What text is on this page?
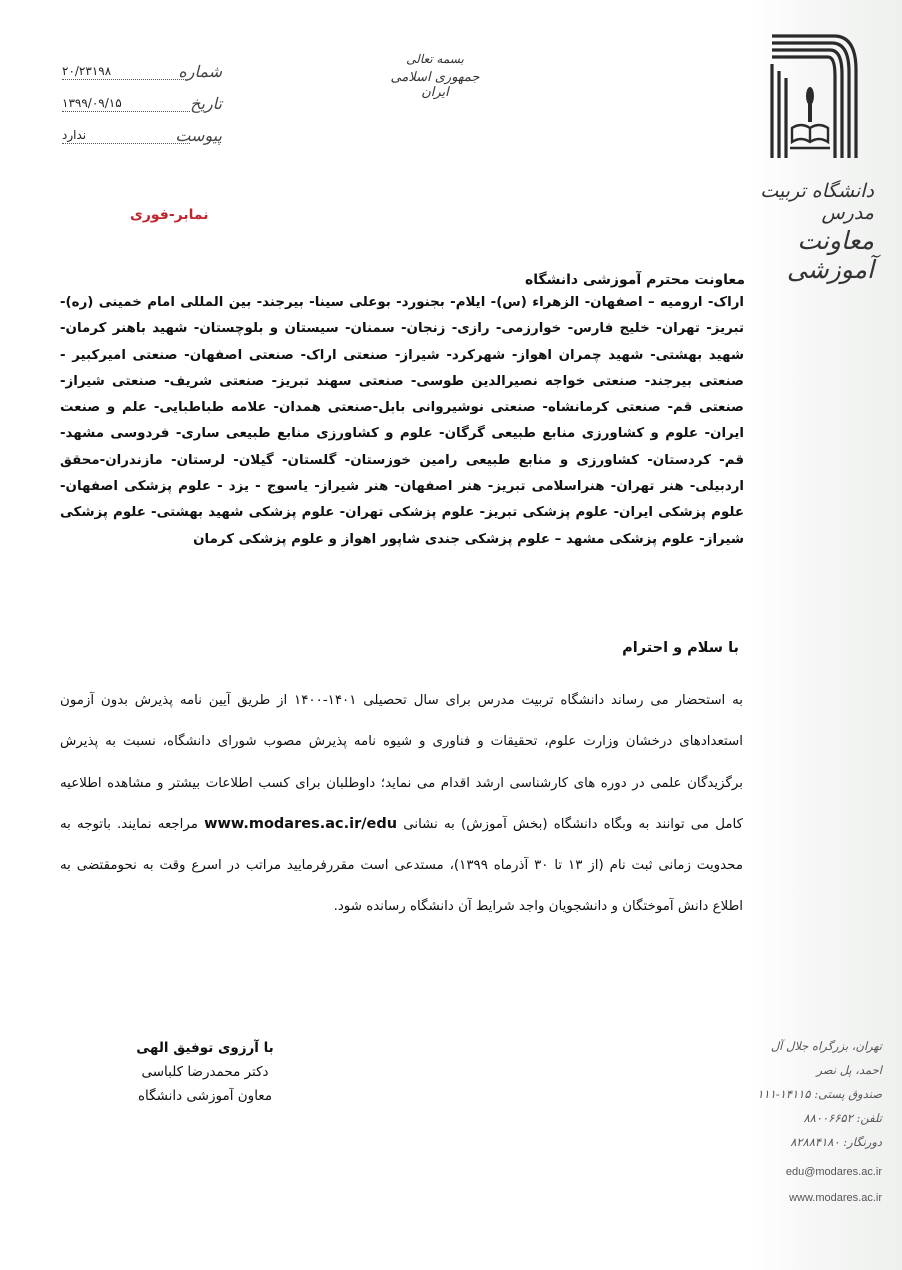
دانشگاه تربیت مدرس
معاونت آموزشی
بسمه تعالی
جمهوری اسلامی ایران
شماره
۲۰/۲۳۱۹۸
تاریخ
۱۳۹۹/۰۹/۱۵
پیوست
ندارد
نمابر-فوری
معاونت محترم آموزشی دانشگاه
اراک- ارومیه – اصفهان- الزهراء (س)- ایلام- بجنورد- بوعلی سینا- بیرجند- بین المللی امام خمینی (ره)- تبریز- تهران- خلیج فارس- خوارزمی- رازی- زنجان- سمنان- سیستان و بلوچستان- شهید باهنر کرمان- شهید بهشتی- شهید چمران اهواز- شهرکرد- شیراز- صنعتی اراک- صنعتی اصفهان- صنعتی امیرکبیر - صنعتی بیرجند- صنعتی خواجه نصیرالدین طوسی- صنعتی سهند تبریز- صنعتی شریف- صنعتی شیراز- صنعتی قم- صنعتی کرمانشاه- صنعتی نوشیروانی بابل-صنعتی همدان- علامه طباطبایی- علم و صنعت ایران- علوم و کشاورزی منابع طبیعی گرگان- علوم و کشاورزی منابع طبیعی ساری- فردوسی مشهد- قم- کردستان- کشاورزی و منابع طبیعی رامین خوزستان- گلستان- گیلان- لرستان- مازندران-محقق اردبیلی- هنر تهران- هنراسلامی تبریز- هنر اصفهان- هنر شیراز- یاسوج - یزد - علوم پزشکی اصفهان- علوم پزشکی ایران- علوم پزشکی تبریز- علوم پزشکی تهران- علوم پزشکی شهید بهشتی- علوم پزشکی شیراز- علوم پزشکی مشهد – علوم پزشکی جندی شاپور اهواز و علوم پزشکی کرمان
با سلام و احترام
به استحضار می رساند دانشگاه تربیت مدرس برای سال تحصیلی ۱۴۰۱-۱۴۰۰ از طریق آیین نامه پذیرش بدون آزمون استعدادهای درخشان وزارت علوم، تحقیقات و فناوری و شیوه نامه پذیرش مصوب شورای دانشگاه، نسبت به پذیرش برگزیدگان علمی در دوره های کارشناسی ارشد اقدام می نماید؛ داوطلبان برای کسب اطلاعات بیشتر و مشاهده اطلاعیه کامل می توانند به وبگاه دانشگاه (بخش آموزش) به نشانی www.modares.ac.ir/edu مراجعه نمایند. باتوجه به محدویت زمانی ثبت نام (از ۱۳ تا ۳۰ آذرماه ۱۳۹۹)، مستدعی است مقررفرمایید مراتب در اسرع وقت به نحومقتضی به اطلاع دانش آموختگان و دانشجویان واجد شرایط آن دانشگاه رسانده شود.
با آرزوی توفیق الهی
دکتر محمدرضا کلباسی
معاون آموزشی دانشگاه
تهران، بزرگراه جلال آل احمد، پل نصر
صندوق پستی: ۱۴۱۱۵-۱۱۱
تلفن: ۸۸۰۰۶۶۵۲
دورنگار: ۸۲۸۸۴۱۸۰
edu@modares.ac.ir
www.modares.ac.ir
